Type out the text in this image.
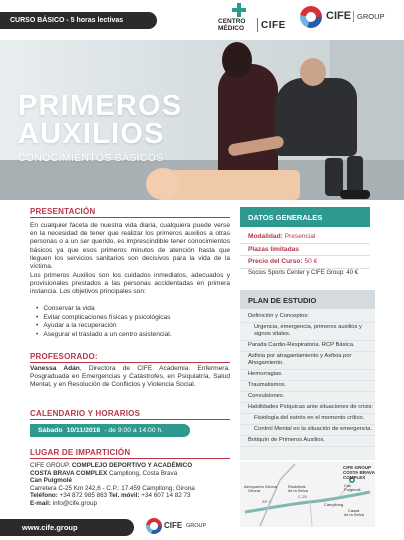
CURSO BÁSICO - 5 horas lectivas	CENTRO
MÉDICO CIFE
CIFE GROUP
PRIMEROS
AUXILIOS
CONOCIMIENTOS BÁSICOS
PRESENTACIÓN
En cualquier faceta de nuestra vida diaria, cualquiera puede verse en la necesidad de tener que realizar los primeros auxilios a otras personas o a un ser querido, es imprescindible tener conocimientos básicos ya que esos primeros minutos de atención hasta que lleguen los servicios sanitarios son decisivos para la vida de la víctima.
Los primeros Auxilios son los cuidados inmediatos, adecuados y provisionales prestados a las personas accidentadas en primera instancia. Los objetivos principales son:
• Conservar la vida
• Evitar complicaciones físicas y psicológicas
• Ayudar a la recuperación
• Asegurar el traslado a un centro asistencial.
PROFESORADO:
Vanessa Adán, Directora de CIFE Academia. Enfermera. Posgraduada en Emergencias y Catástrofes, en Psiquiatría, Salud Mental, y en Resolución de Conflictos y Violencia Social.
CALENDARIO Y HORARIOS
Sábado 10/11/2018 - de 9:00 a 14:00 h.
LUGAR DE IMPARTICIÓN
CIFE GROUP. COMPLEJO DEPORTIVO Y ACADÉMICO
COSTA BRAVA COMPLEX Campllong, Costa Brava
Can Puigmolé
Carretera C-25 Km 242,6 - C.P.: 17.459 Campllong, Girona
Teléfono: +34 872 985 863 Tel. móvil: +34 607 14 82 73
E-mail: info@cife.group
DATOS GENERALES
Modalidad: Presencial
Plazas limitadas
Precio del Curso: 50 €
Socios Sports Center y CIFE Group: 40 €
PLAN DE ESTUDIO
Definición y Conceptos:
Urgencia, emergencia, primeros auxilios y signos vitales.
Parada Cardio-Respiratoria. RCP Básica.
Asfixia por atragantamiento y Asfixia por Ahogamiento.
Hemorragias.
Traumatismos.
Convulsiones.
Habilidades Psíquicas ante situaciones de crisis:
Fisiología del estrés en el momento crítico.
Control Mental en la situación de emergencia.
Botiquín de Primeros Auxilios.
CIFE GROUP
COSTA BRAVA
COMPLEX
Can
Puigmolé
Aeropuerto Girona
Girona
AP-7
C-25
Riudellots
de la Selva
Campllong
Cassà
de la Selva
www.cife.group	CIFE GROUP
